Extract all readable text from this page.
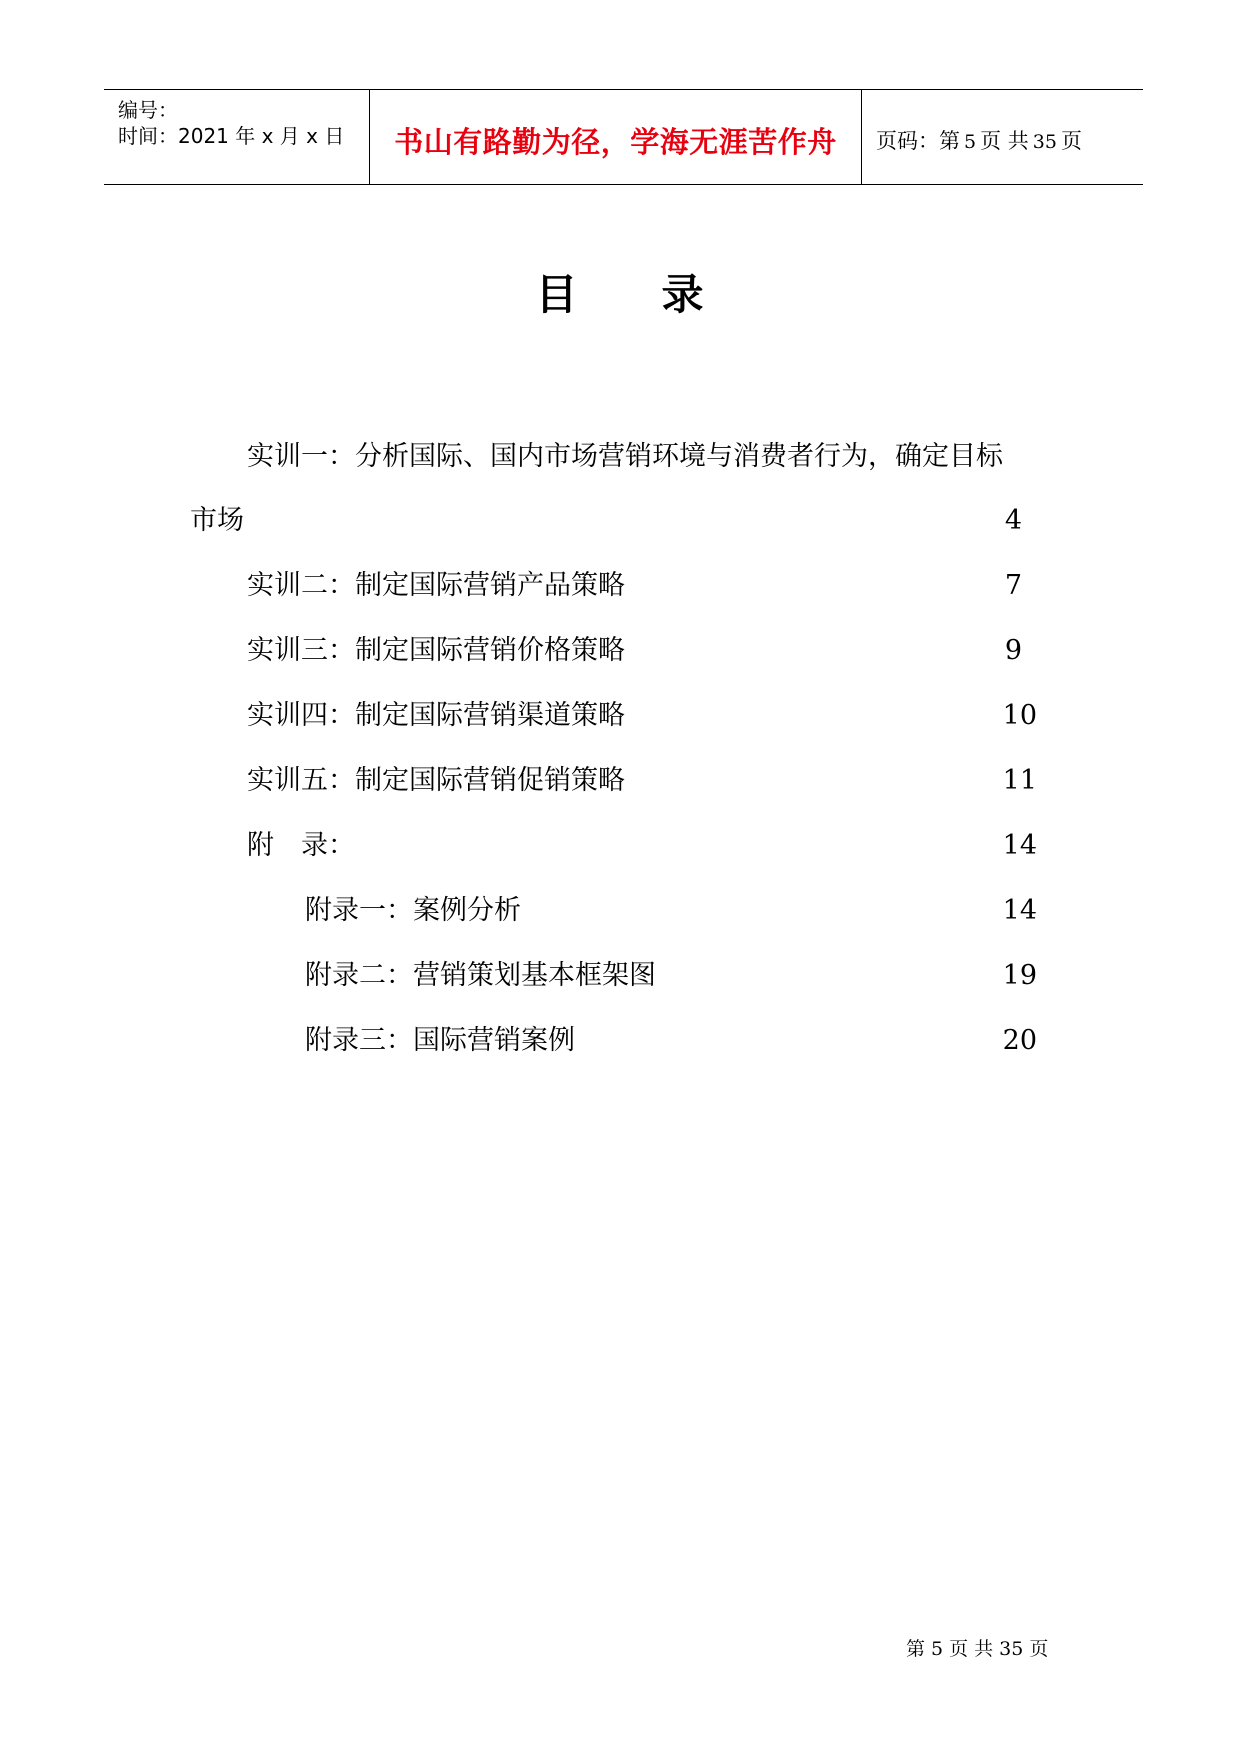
编号：
时间：2021 年 x 月 x 日	书山有路勤为径，学海无涯苦作舟	页码：第 5 页 共 35 页
目 录
实训一：分析国际、国内市场营销环境与消费者行为，确定目标
市场	4
实训二：制定国际营销产品策略	7
实训三：制定国际营销价格策略	9
实训四：制定国际营销渠道策略	10
实训五：制定国际营销促销策略	11
附　录：	14
附录一：案例分析	14
附录二：营销策划基本框架图	19
附录三：国际营销案例	20
第 5 页 共 35 页
